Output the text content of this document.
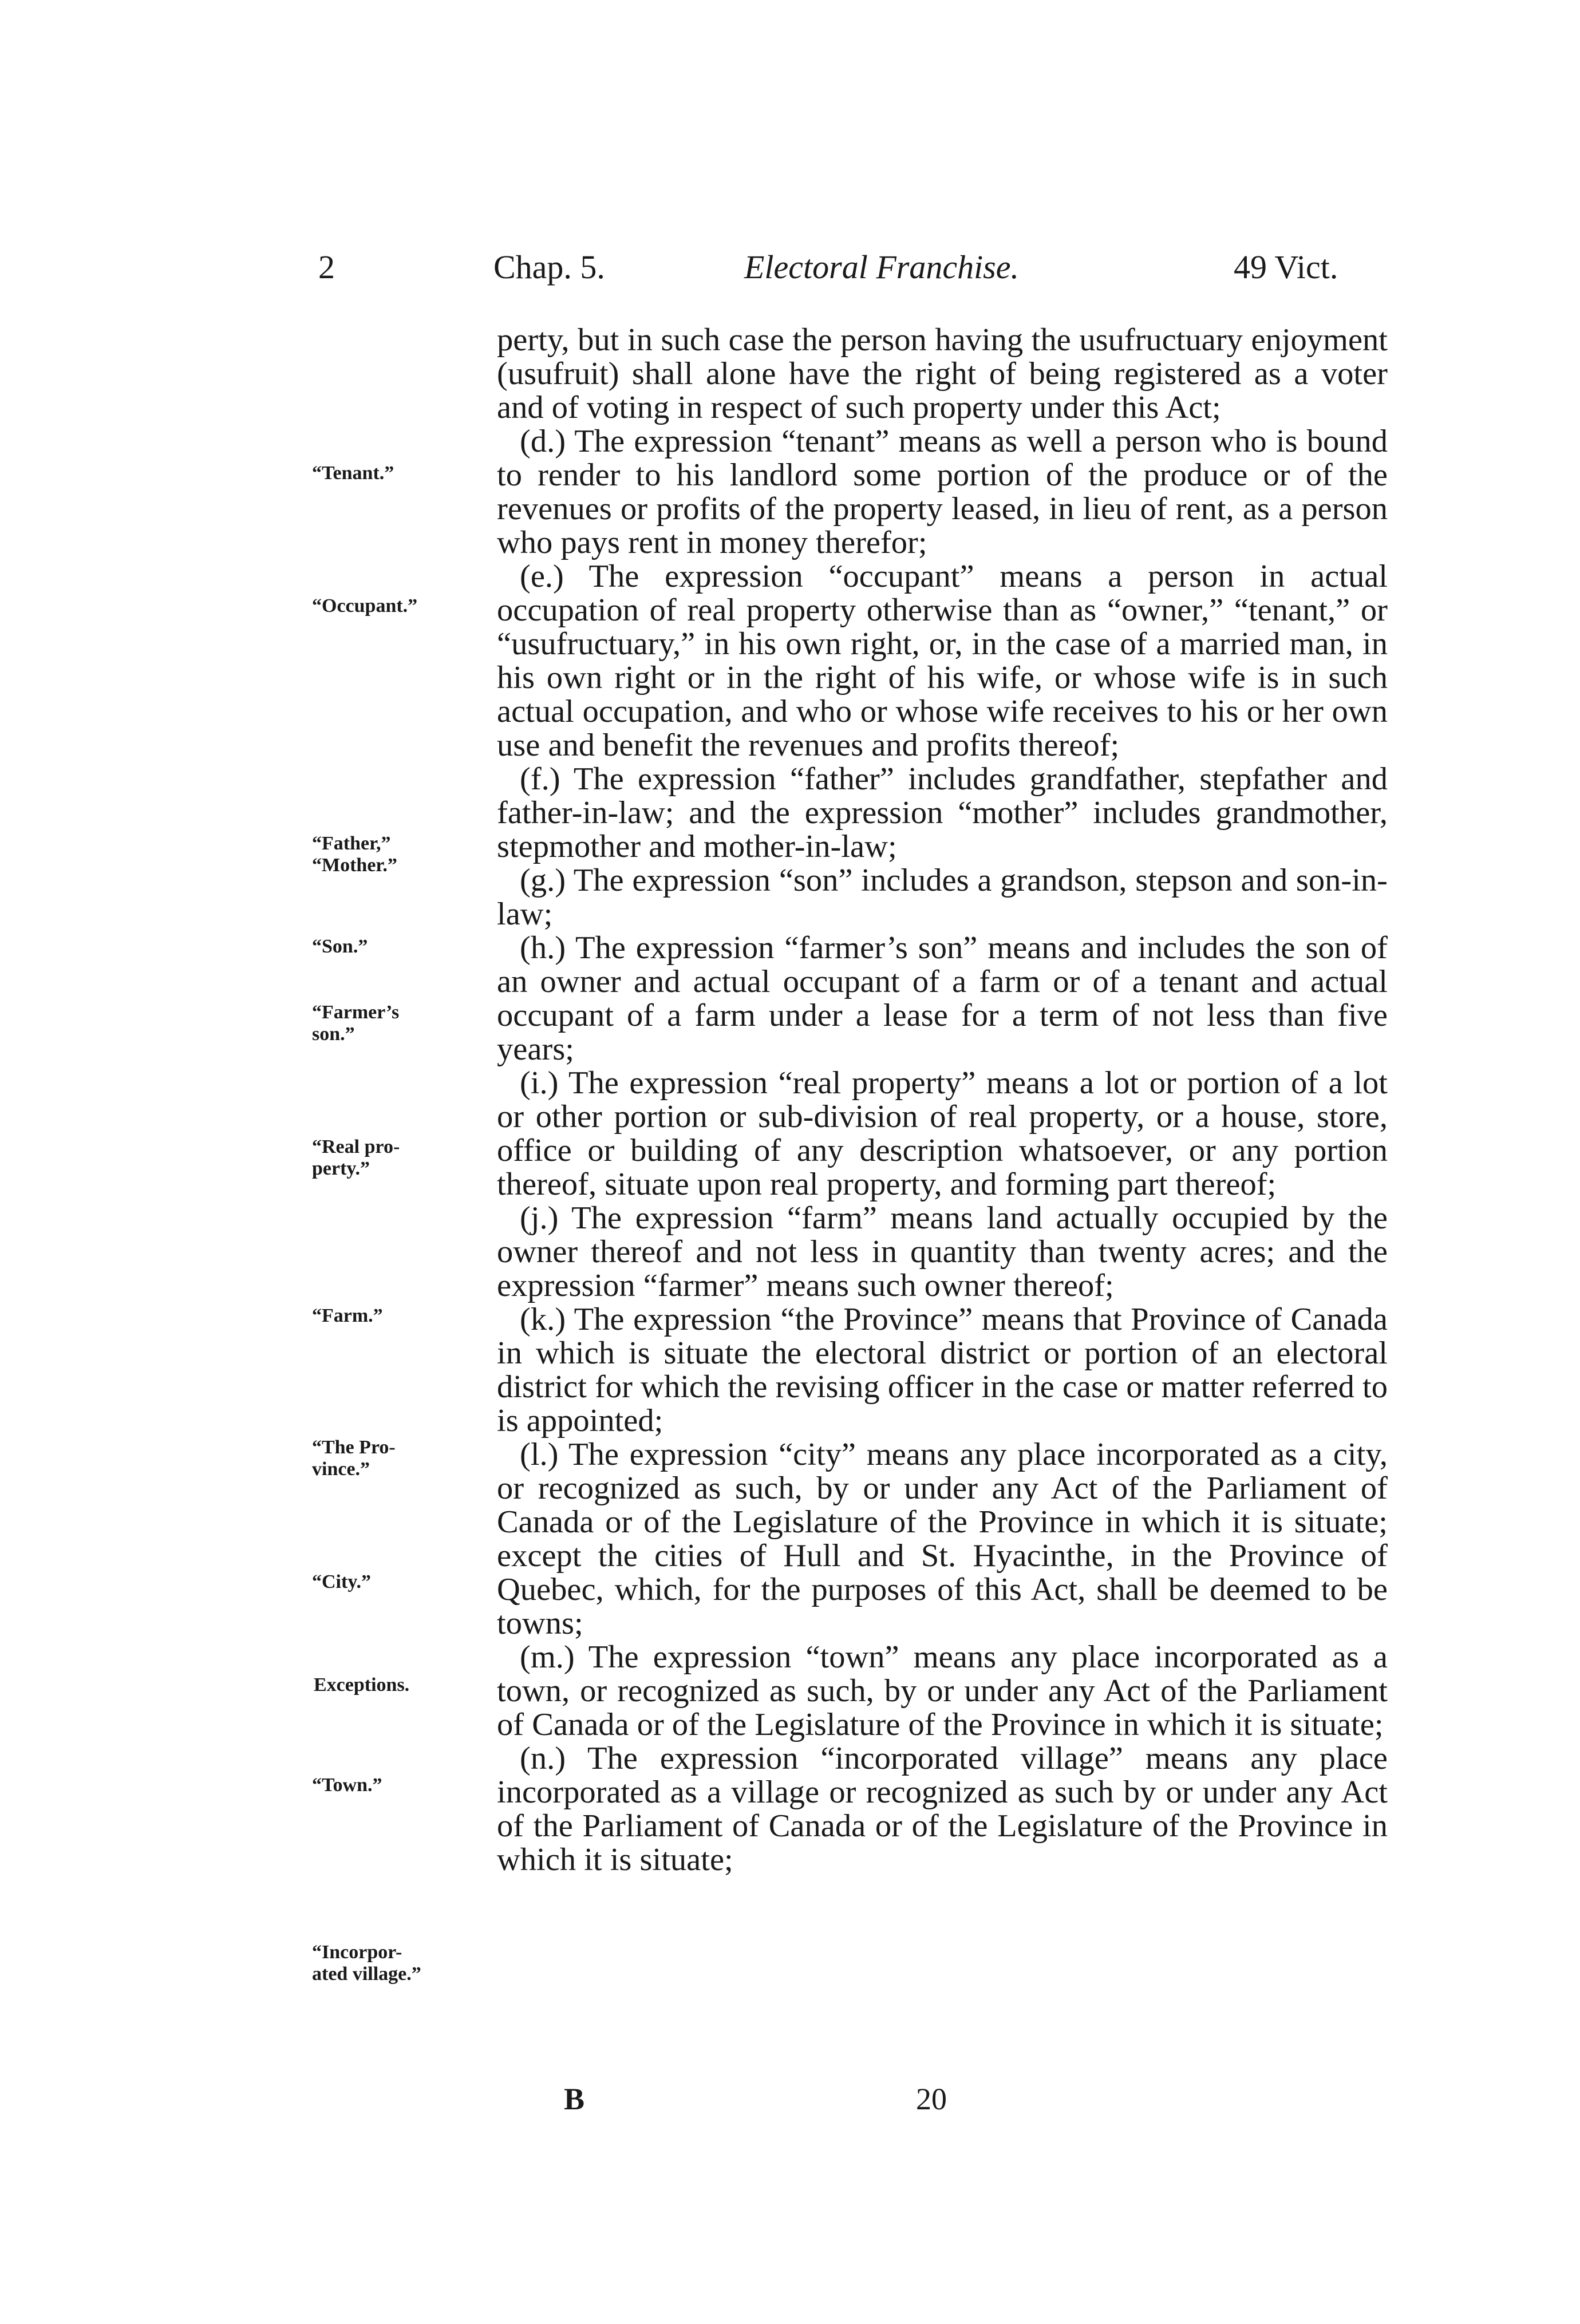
2	Chap. 5.	Electoral Franchise.	49 Vict.

perty, but in such case the person having the usufructuary enjoyment (usufruit) shall alone have the right of being registered as a voter and of voting in respect of such property under this Act;

(d.) The expression “tenant” means as well a person who is bound to render to his landlord some portion of the produce or of the revenues or profits of the property leased, in lieu of rent, as a person who pays rent in money therefor;

(e.) The expression “occupant” means a person in actual occupation of real property otherwise than as “owner,” “tenant,” or “usufructuary,” in his own right, or, in the case of a married man, in his own right or in the right of his wife, or whose wife is in such actual occupation, and who or whose wife receives to his or her own use and benefit the revenues and profits thereof;

(f.) The expression “father” includes grandfather, stepfather and father-in-law; and the expression “mother” includes grandmother, stepmother and mother-in-law;

(g.) The expression “son” includes a grandson, stepson and son-in-law;

(h.) The expression “farmer’s son” means and includes the son of an owner and actual occupant of a farm or of a tenant and actual occupant of a farm under a lease for a term of not less than five years;

(i.) The expression “real property” means a lot or portion of a lot or other portion or sub-division of real property, or a house, store, office or building of any description whatsoever, or any portion thereof, situate upon real property, and forming part thereof;

(j.) The expression “farm” means land actually occupied by the owner thereof and not less in quantity than twenty acres; and the expression “farmer” means such owner thereof;

(k.) The expression “the Province” means that Province of Canada in which is situate the electoral district or portion of an electoral district for which the revising officer in the case or matter referred to is appointed;

(l.) The expression “city” means any place incorporated as a city, or recognized as such, by or under any Act of the Parliament of Canada or of the Legislature of the Province in which it is situate; except the cities of Hull and St. Hyacinthe, in the Province of Quebec, which, for the purposes of this Act, shall be deemed to be towns;

(m.) The expression “town” means any place incorporated as a town, or recognized as such, by or under any Act of the Parliament of Canada or of the Legislature of the Province in which it is situate;

(n.) The expression “incorporated village” means any place incorporated as a village or recognized as such by or under any Act of the Parliament of Canada or of the Legislature of the Province in which it is situate;

“Tenant.”
“Occupant.”
“Father,”
“Mother.”
“Son.”
“Farmer’s
son.”
“Real pro-
perty.”
“Farm.”
“The Pro-
vince.”
“City.”
Exceptions.
“Town.”
“Incorpor-
ated village.”
B	20
